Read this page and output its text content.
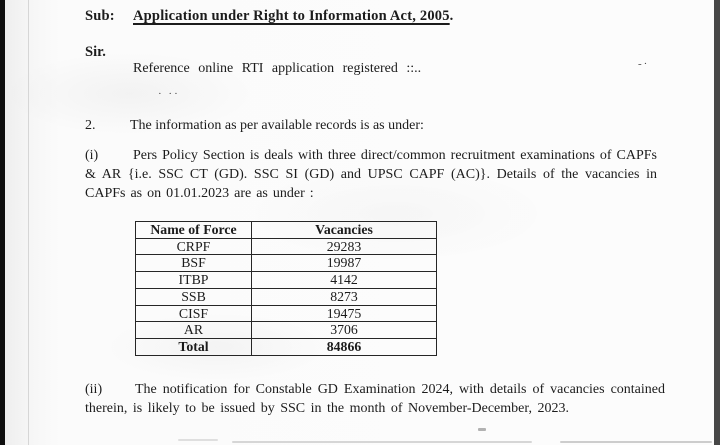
Sub: Application under Right to Information Act, 2005.
Sir.
Reference online RTI application registered ::..	-·
· ··
2. The information as per available records is as under:
(i) Pers Policy Section is deals with three direct/common recruitment examinations of CAPFs & AR {i.e. SSC CT (GD). SSC SI (GD) and UPSC CAPF (AC)}. Details of the vacancies in CAPFs as on 01.01.2023 are as under :
Name of Force	Vacancies
CRPF	29283
BSF	19987
ITBP	4142
SSB	8273
CISF	19475
AR	3706
Total	84866
(ii) The notification for Constable GD Examination 2024, with details of vacancies contained therein, is likely to be issued by SSC in the month of November-December, 2023.
